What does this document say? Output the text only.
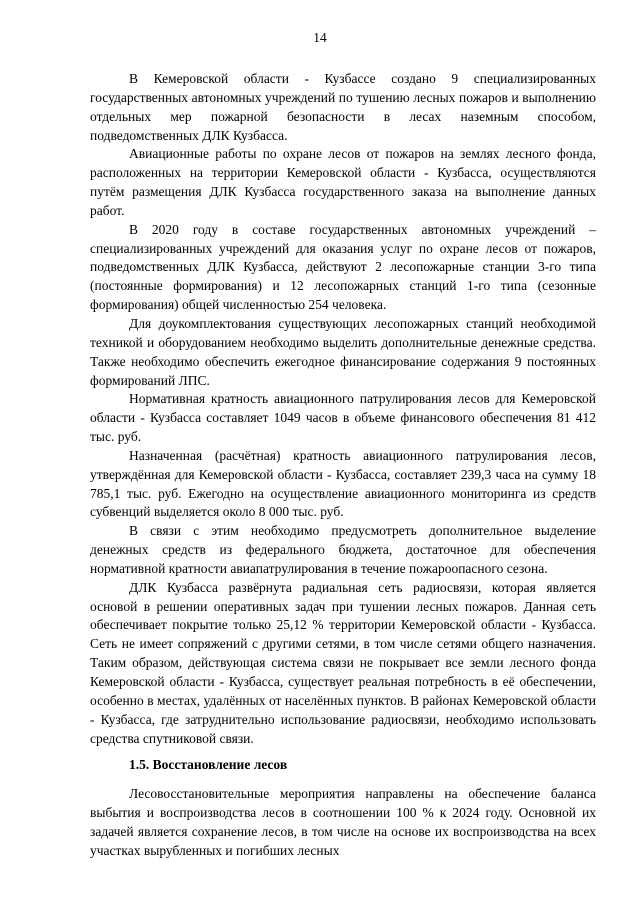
14

В Кемеровской области - Кузбассе создано 9 специализированных государственных автономных учреждений по тушению лесных пожаров и выполнению отдельных мер пожарной безопасности в лесах наземным способом, подведомственных ДЛК Кузбасса.

Авиационные работы по охране лесов от пожаров на землях лесного фонда, расположенных на территории Кемеровской области - Кузбасса, осуществляются путём размещения ДЛК Кузбасса государственного заказа на выполнение данных работ.

В 2020 году в составе государственных автономных учреждений – специализированных учреждений для оказания услуг по охране лесов от пожаров, подведомственных ДЛК Кузбасса, действуют 2 лесопожарные станции 3-го типа (постоянные формирования) и 12 лесопожарных станций 1-го типа (сезонные формирования) общей численностью 254 человека.

Для доукомплектования существующих лесопожарных станций необходимой техникой и оборудованием необходимо выделить дополнительные денежные средства. Также необходимо обеспечить ежегодное финансирование содержания 9 постоянных формирований ЛПС.

Нормативная кратность авиационного патрулирования лесов для Кемеровской области - Кузбасса составляет 1049 часов в объеме финансового обеспечения 81 412 тыс. руб.

Назначенная (расчётная) кратность авиационного патрулирования лесов, утверждённая для Кемеровской области - Кузбасса, составляет 239,3 часа на сумму 18 785,1 тыс. руб. Ежегодно на осуществление авиационного мониторинга из средств субвенций выделяется около 8 000 тыс. руб.

В связи с этим необходимо предусмотреть дополнительное выделение денежных средств из федерального бюджета, достаточное для обеспечения нормативной кратности авиапатрулирования в течение пожароопасного сезона.

ДЛК Кузбасса развёрнута радиальная сеть радиосвязи, которая является основой в решении оперативных задач при тушении лесных пожаров. Данная сеть обеспечивает покрытие только 25,12 % территории Кемеровской области - Кузбасса. Сеть не имеет сопряжений с другими сетями, в том числе сетями общего назначения. Таким образом, действующая система связи не покрывает все земли лесного фонда Кемеровской области - Кузбасса, существует реальная потребность в её обеспечении, особенно в местах, удалённых от населённых пунктов. В районах Кемеровской области - Кузбасса, где затруднительно использование радиосвязи, необходимо использовать средства спутниковой связи.

1.5. Восстановление лесов

Лесовосстановительные мероприятия направлены на обеспечение баланса выбытия и воспроизводства лесов в соотношении 100 % к 2024 году. Основной их задачей является сохранение лесов, в том числе на основе их воспроизводства на всех участках вырубленных и погибших лесных
